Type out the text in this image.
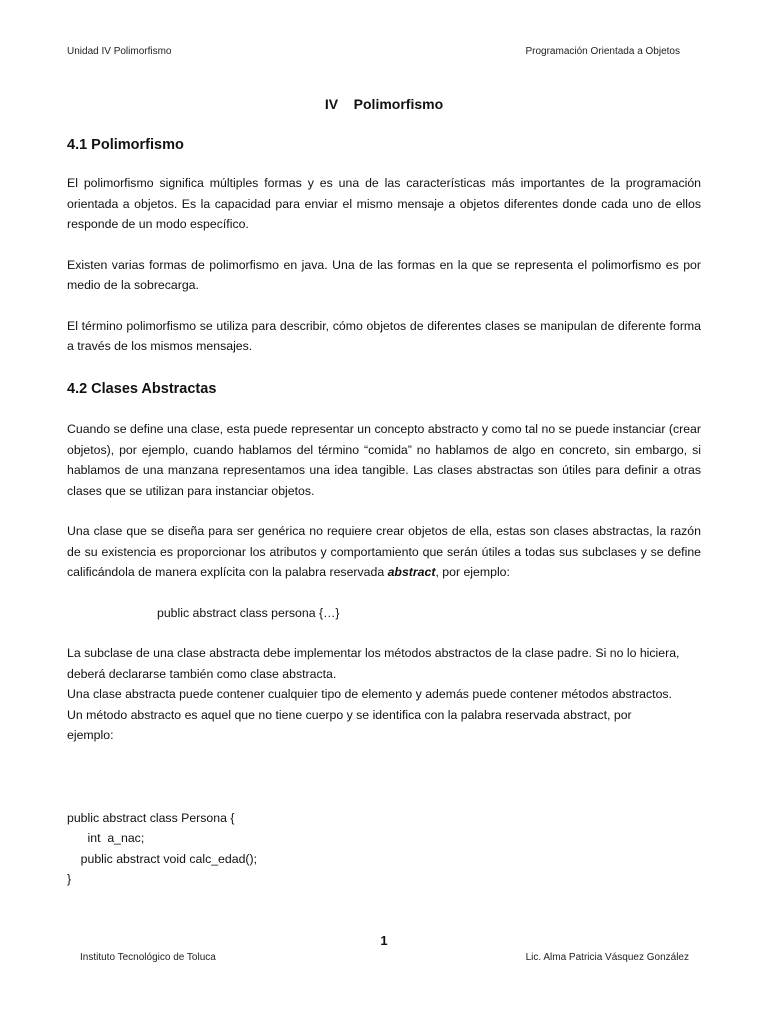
Unidad IV Polimorfismo	Programación Orientada a Objetos
IV    Polimorfismo
4.1 Polimorfismo

El polimorfismo significa múltiples formas y es una de las características más importantes de la programación orientada a objetos. Es la capacidad para enviar el mismo mensaje a objetos diferentes donde cada uno de ellos responde de un modo específico.

Existen varias formas de polimorfismo en java. Una de las formas en la que se representa el polimorfismo es por medio de la sobrecarga.

El término polimorfismo se utiliza para describir, cómo objetos de diferentes clases se manipulan de diferente forma a través de los mismos mensajes.

4.2 Clases Abstractas

Cuando se define una clase, esta puede representar un concepto abstracto y como tal no se puede instanciar (crear objetos), por ejemplo, cuando hablamos del término “comida” no hablamos de algo en concreto, sin embargo, si hablamos de una manzana representamos una idea tangible. Las clases abstractas son útiles para definir a otras clases que se utilizan para instanciar objetos.

Una clase que se diseña para ser genérica no requiere crear objetos de ella, estas son clases abstractas, la razón de su existencia es proporcionar los atributos y comportamiento que serán útiles a todas sus subclases y se define calificándola de manera explícita con la palabra reservada abstract, por ejemplo:

public abstract class persona {…}

La subclase de una clase abstracta debe implementar los métodos abstractos de la clase padre. Si no lo hiciera, deberá declararse también como clase abstracta.

Una clase abstracta puede contener cualquier tipo de elemento y además puede contener métodos abstractos.

Un método abstracto es aquel que no tiene cuerpo y se identifica con la palabra reservada abstract, por ejemplo:

public abstract class Persona {
int  a_nac;
public abstract void calc_edad();
}
1
Instituto Tecnológico de Toluca	Lic. Alma Patricia Vásquez González
